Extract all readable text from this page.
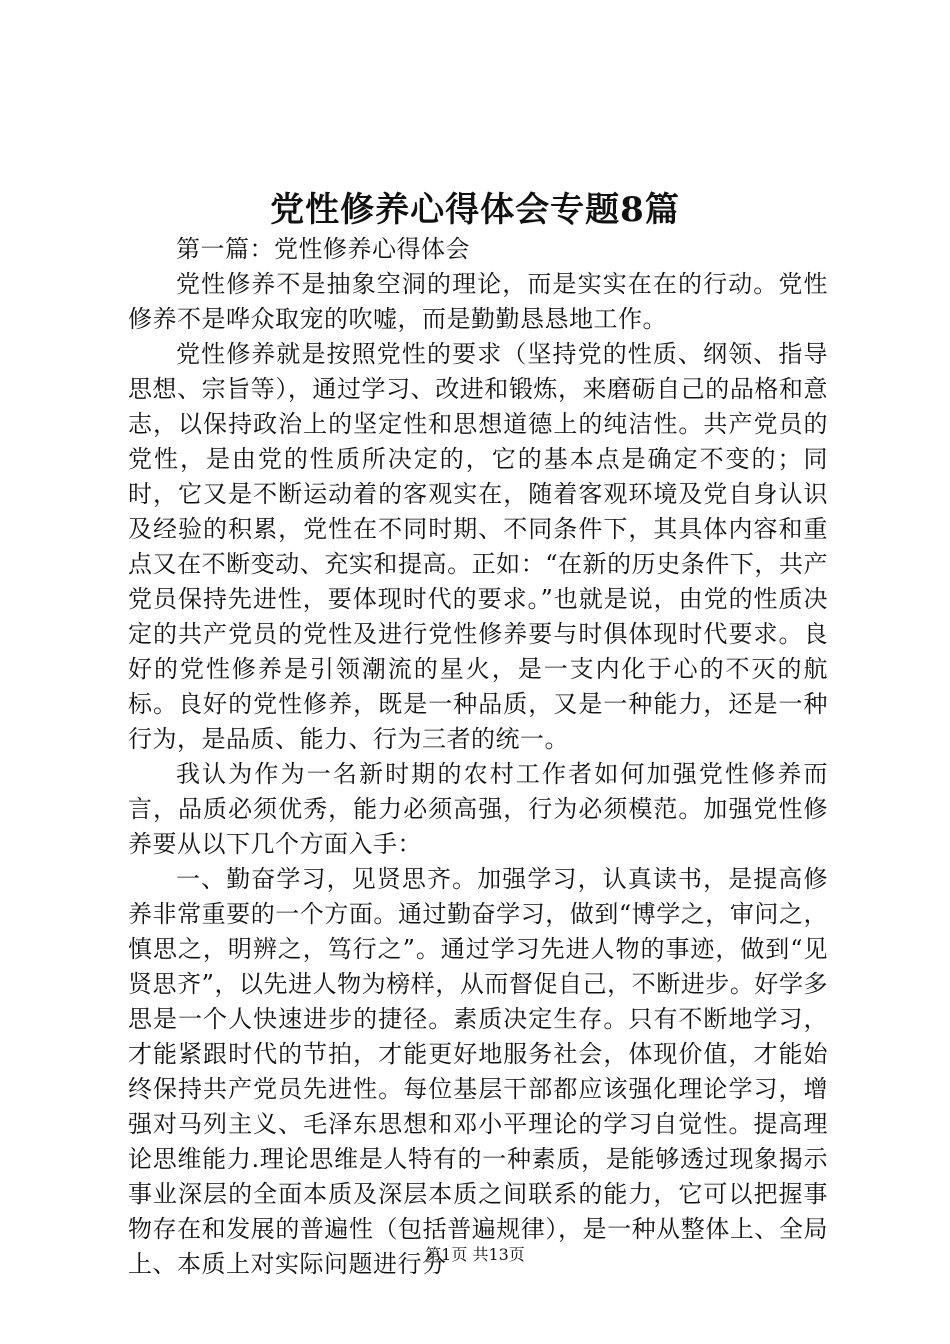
党性修养心得体会专题8篇

第一篇：党性修养心得体会

党性修养不是抽象空洞的理论，而是实实在在的行动。党性修养不是哗众取宠的吹嘘，而是勤勤恳恳地工作。

党性修养就是按照党性的要求（坚持党的性质、纲领、指导思想、宗旨等），通过学习、改进和锻炼，来磨砺自己的品格和意志，以保持政治上的坚定性和思想道德上的纯洁性。共产党员的党性，是由党的性质所决定的，它的基本点是确定不变的；同时，它又是不断运动着的客观实在，随着客观环境及党自身认识及经验的积累，党性在不同时期、不同条件下，其具体内容和重点又在不断变动、充实和提高。正如：“在新的历史条件下，共产党员保持先进性，要体现时代的要求。”也就是说，由党的性质决定的共产党员的党性及进行党性修养要与时俱体现时代要求。良好的党性修养是引领潮流的星火，是一支内化于心的不灭的航标。良好的党性修养，既是一种品质，又是一种能力，还是一种行为，是品质、能力、行为三者的统一。

我认为作为一名新时期的农村工作者如何加强党性修养而言，品质必须优秀，能力必须高强，行为必须模范。加强党性修养要从以下几个方面入手：

一、勤奋学习，见贤思齐。加强学习，认真读书，是提高修养非常重要的一个方面。通过勤奋学习，做到“博学之，审问之，慎思之，明辨之，笃行之”。通过学习先进人物的事迹，做到“见贤思齐”，以先进人物为榜样，从而督促自己，不断进步。好学多思是一个人快速进步的捷径。素质决定生存。只有不断地学习，才能紧跟时代的节拍，才能更好地服务社会，体现价值，才能始终保持共产党员先进性。每位基层干部都应该强化理论学习，增强对马列主义、毛泽东思想和邓小平理论的学习自觉性。提高理论思维能力.理论思维是人特有的一种素质，是能够透过现象揭示事业深层的全面本质及深层本质之间联系的能力，它可以把握事物存在和发展的普遍性（包括普遍规律），是一种从整体上、全局上、本质上对实际问题进行分

第1页 共13页
